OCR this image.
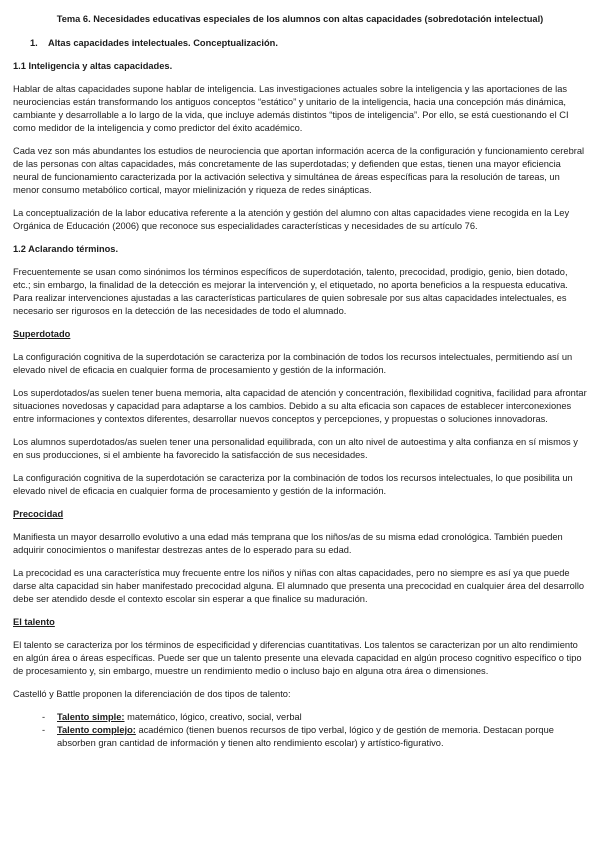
Tema 6. Necesidades educativas especiales de los alumnos con altas capacidades (sobredotación intelectual)
1.	Altas capacidades intelectuales. Conceptualización.
1.1 Inteligencia y altas capacidades.

Hablar de altas capacidades supone hablar de inteligencia. Las investigaciones actuales sobre la inteligencia y las aportaciones de las neurociencias están transformando los antiguos conceptos “estático” y unitario de la inteligencia, hacia una concepción más dinámica, cambiante y desarrollable a lo largo de la vida, que incluye además distintos “tipos de inteligencia”. Por ello, se está cuestionando el CI como medidor de la inteligencia y como predictor del éxito académico.

Cada vez son más abundantes los estudios de neurociencia que aportan información acerca de la configuración y funcionamiento cerebral de las personas con altas capacidades, más concretamente de las superdotadas; y defienden que estas, tienen una mayor eficiencia neural de funcionamiento caracterizada por la activación selectiva y simultánea de áreas específicas para la resolución de tareas, un menor consumo metabólico cortical, mayor mielinización y riqueza de redes sinápticas.

La conceptualización de la labor educativa referente a la atención y gestión del alumno con altas capacidades viene recogida en la Ley Orgánica de Educación (2006) que reconoce sus especialidades características y necesidades de su artículo 76.

1.2 Aclarando términos.

Frecuentemente se usan como sinónimos los términos específicos de superdotación, talento, precocidad, prodigio, genio, bien dotado, etc.; sin embargo, la finalidad de la detección es mejorar la intervención y, el etiquetado, no aporta beneficios a la respuesta educativa. Para realizar intervenciones ajustadas a las características particulares de quien sobresale por sus altas capacidades intelectuales, es necesario ser rigurosos en la detección de las necesidades de todo el alumnado.

Superdotado

La configuración cognitiva de la superdotación se caracteriza por la combinación de todos los recursos intelectuales, permitiendo así un elevado nivel de eficacia en cualquier forma de procesamiento y gestión de la información.

Los superdotados/as suelen tener buena memoria, alta capacidad de atención y concentración, flexibilidad cognitiva, facilidad para afrontar situaciones novedosas y capacidad para adaptarse a los cambios. Debido a su alta eficacia son capaces de establecer interconexiones entre informaciones y contextos diferentes, desarrollar nuevos conceptos y percepciones, y propuestas o soluciones innovadoras.

Los alumnos superdotados/as suelen tener una personalidad equilibrada, con un alto nivel de autoestima y alta confianza en sí mismos y en sus producciones, si el ambiente ha favorecido la satisfacción de sus necesidades.

La configuración cognitiva de la superdotación se caracteriza por la combinación de todos los recursos intelectuales, lo que posibilita un elevado nivel de eficacia en cualquier forma de procesamiento y gestión de la información.

Precocidad

Manifiesta un mayor desarrollo evolutivo a una edad más temprana que los niños/as de su misma edad cronológica. También pueden adquirir conocimientos o manifestar destrezas antes de lo esperado para su edad.

La precocidad es una característica muy frecuente entre los niños y niñas con altas capacidades, pero no siempre es así ya que puede darse alta capacidad sin haber manifestado precocidad alguna. El alumnado que presenta una precocidad en cualquier área del desarrollo debe ser atendido desde el contexto escolar sin esperar a que finalice su maduración.

El talento

El talento se caracteriza por los términos de especificidad y diferencias cuantitativas. Los talentos se caracterizan por un alto rendimiento en algún área o áreas específicas. Puede ser que un talento presente una elevada capacidad en algún proceso cognitivo específico o tipo de procesamiento y, sin embargo, muestre un rendimiento medio o incluso bajo en alguna otra área o dimensiones.

Castelló y Battle proponen la diferenciación de dos tipos de talento:

-	Talento simple: matemático, lógico, creativo, social, verbal
-	Talento complejo: académico (tienen buenos recursos de tipo verbal, lógico y de gestión de memoria. Destacan porque absorben gran cantidad de información y tienen alto rendimiento escolar) y artístico-figurativo.
